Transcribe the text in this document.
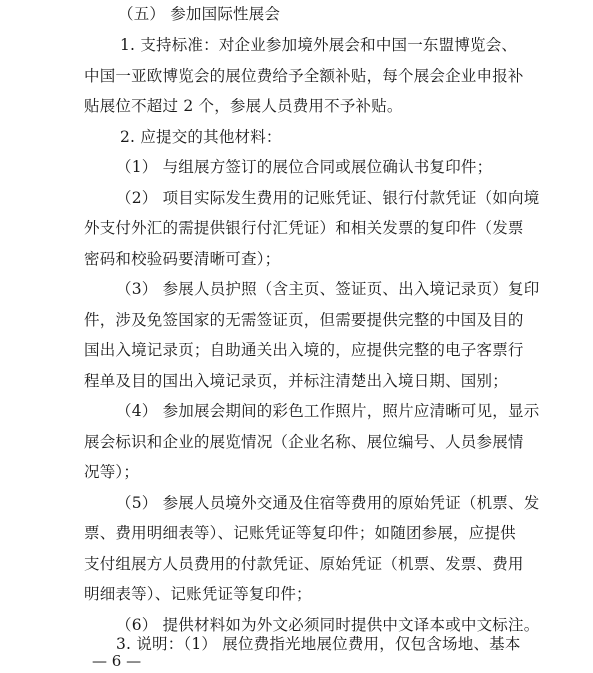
（五） 参加国际性展会
1. 支持标准：对企业参加境外展会和中国一东盟博览会、
中国一亚欧博览会的展位费给予全额补贴，每个展会企业申报补
贴展位不超过 2 个，参展人员费用不予补贴。
2. 应提交的其他材料：
（1） 与组展方签订的展位合同或展位确认书复印件；
（2） 项目实际发生费用的记账凭证、银行付款凭证（如向境
外支付外汇的需提供银行付汇凭证）和相关发票的复印件（发票
密码和校验码要清晰可查）；
（3） 参展人员护照（含主页、签证页、出入境记录页）复印
件，涉及免签国家的无需签证页，但需要提供完整的中国及目的
国出入境记录页；自助通关出入境的，应提供完整的电子客票行
程单及目的国出入境记录页，并标注清楚出入境日期、国别；
（4） 参加展会期间的彩色工作照片，照片应清晰可见，显示
展会标识和企业的展览情况（企业名称、展位编号、人员参展情
况等）；
（5） 参展人员境外交通及住宿等费用的原始凭证（机票、发
票、费用明细表等）、记账凭证等复印件；如随团参展，应提供
支付组展方人员费用的付款凭证、原始凭证（机票、发票、费用
明细表等）、记账凭证等复印件；
（6） 提供材料如为外文必须同时提供中文译本或中文标注。
3. 说明：（1） 展位费指光地展位费用，仅包含场地、基本
— 6 —
